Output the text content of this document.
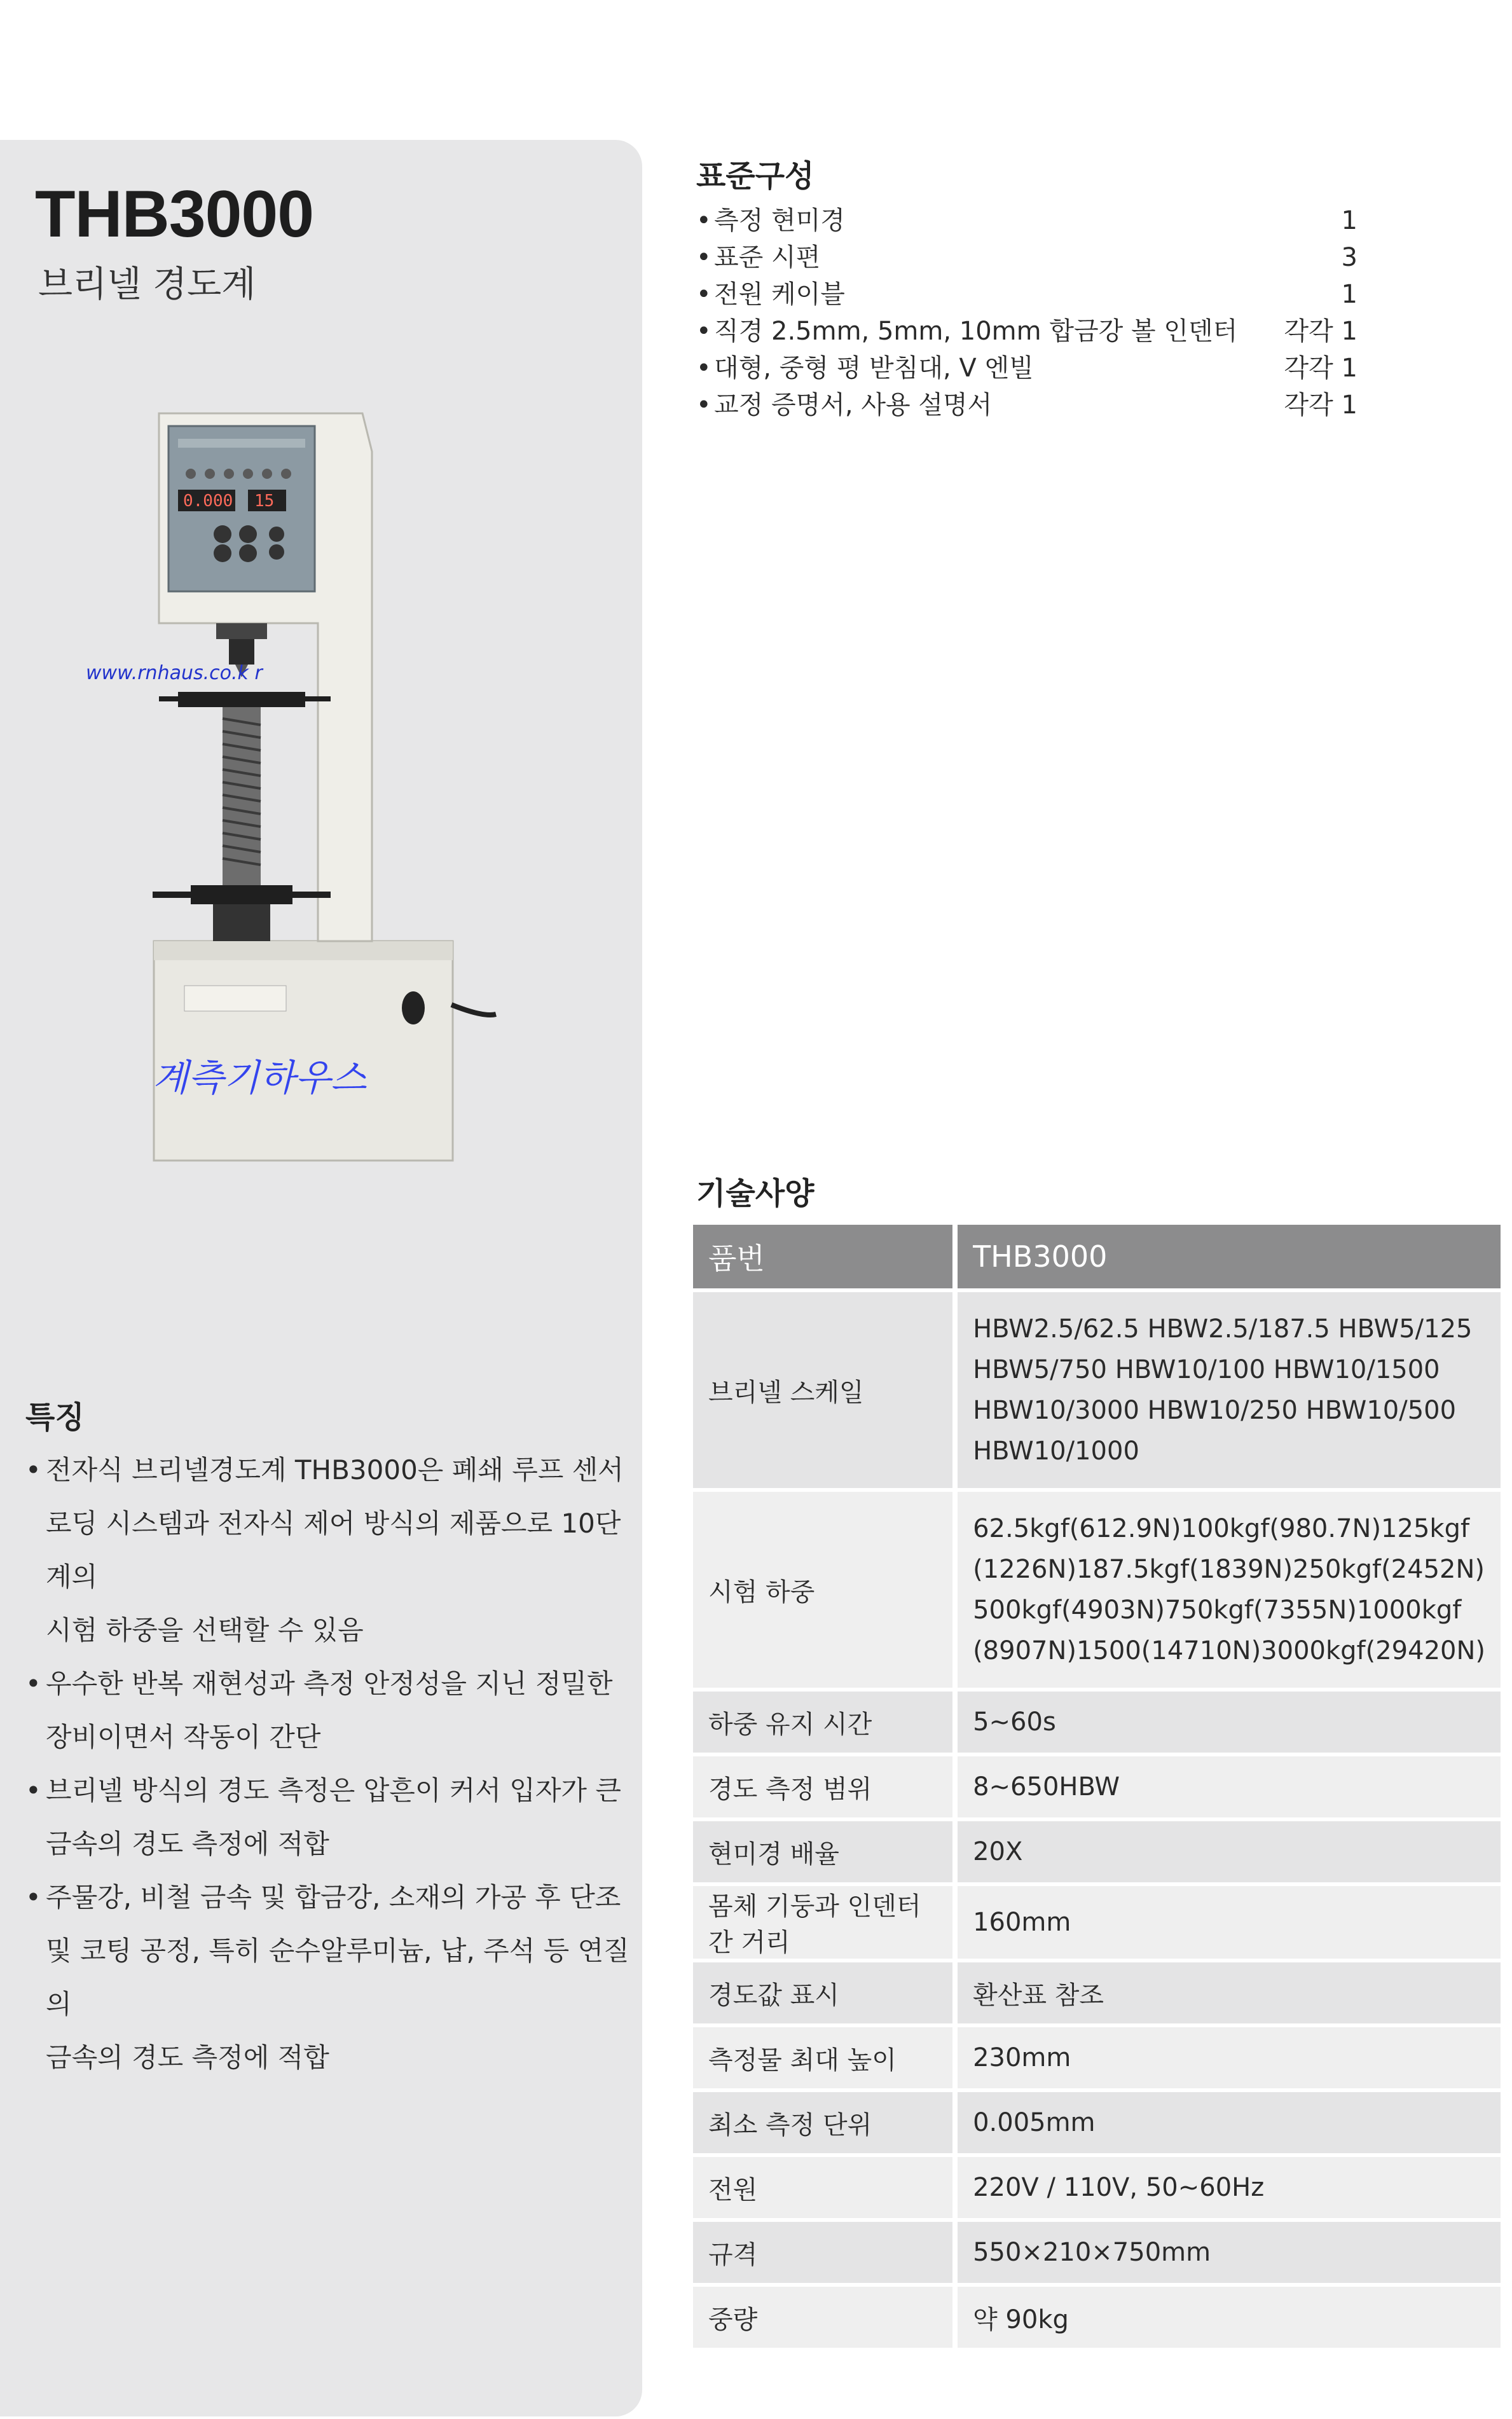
THB3000
브리넬 경도계
0.000 15
www.rnhaus.co.k r
계측기하우스
특징
• 전자식 브리넬경도계 THB3000은 폐쇄 루프 센서
로딩 시스템과 전자식 제어 방식의 제품으로 10단계의
시험 하중을 선택할 수 있음
• 우수한 반복 재현성과 측정 안정성을 지닌 정밀한
장비이면서 작동이 간단
• 브리넬 방식의 경도 측정은 압흔이 커서 입자가 큰
금속의 경도 측정에 적합
• 주물강, 비철 금속 및 합금강, 소재의 가공 후 단조
및 코팅 공정, 특히 순수알루미늄, 납, 주석 등 연질의
금속의 경도 측정에 적합
표준구성
• 측정 현미경	1
• 표준 시편	3
• 전원 케이블	1
• 직경 2.5mm, 5mm, 10mm 합금강 볼 인덴터 각각 1
• 대형, 중형 평 받침대, V 엔빌	각각 1
• 교정 증명서, 사용 설명서	각각 1
기술사양
품번	THB3000
브리넬 스케일	HBW2.5/62.5 HBW2.5/187.5 HBW5/125
HBW5/750 HBW10/100 HBW10/1500
HBW10/3000 HBW10/250 HBW10/500
HBW10/1000

시험 하중	62.5kgf(612.9N)100kgf(980.7N)125kgf
(1226N)187.5kgf(1839N)250kgf(2452N)
500kgf(4903N)750kgf(7355N)1000kgf
(8907N)1500(14710N)3000kgf(29420N)

하중 유지 시간	5~60s

경도 측정 범위	8~650HBW

현미경 배율	20X

몸체 기둥과 인덴터간 거리	160mm

경도값 표시	환산표 참조

측정물 최대 높이	230mm

최소 측정 단위	0.005mm

전원	220V / 110V, 50~60Hz

규격	550×210×750mm

중량	약 90kg
